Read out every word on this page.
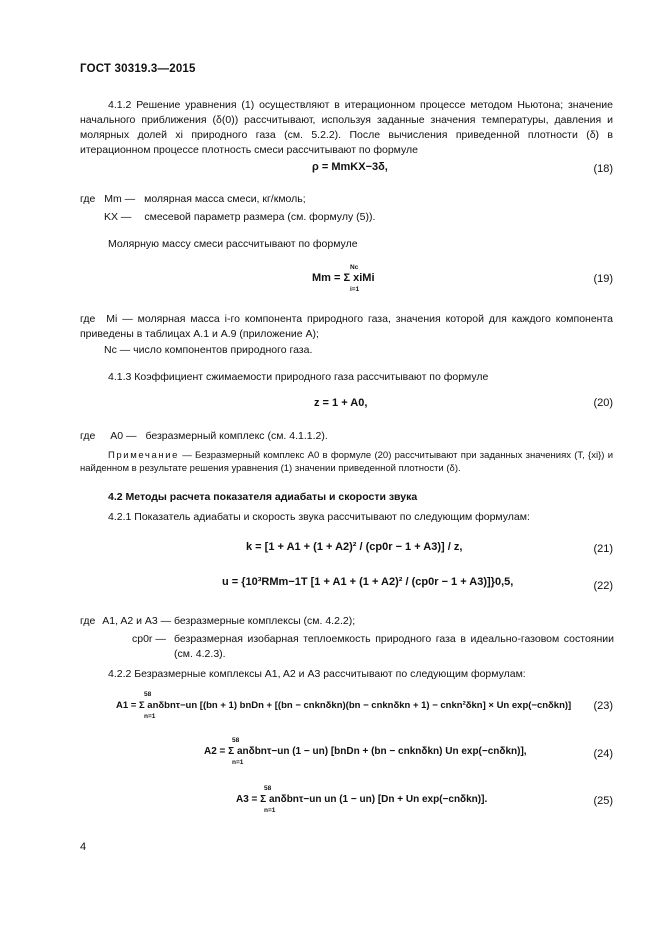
ГОСТ 30319.3—2015
4.1.2 Решение уравнения (1) осуществляют в итерационном процессе методом Ньютона; значение начального приближения (δ(0)) рассчитывают, используя заданные значения температуры, давления и молярных долей xi природного газа (см. 5.2.2). После вычисления приведенной плотности (δ) в итерационном процессе плотность смеси рассчитывают по формуле
ρ = MmKX−3δ,	(18)
где Mm — молярная масса смеси, кг/кмоль;
KX — смесевой параметр размера (см. формулу (5)).
Молярную массу смеси рассчитывают по формуле
Mm = Σ xiMi
Nc
i=1
(19)
где Mi — молярная масса i-го компонента природного газа, значения которой для каждого компонента приведены в таблицах А.1 и А.9 (приложение А);
Nc — число компонентов природного газа.
4.1.3 Коэффициент сжимаемости природного газа рассчитывают по формуле
z = 1 + A0,	(20)
где A0 — безразмерный комплекс (см. 4.1.1.2).
Примечание — Безразмерный комплекс A0 в формуле (20) рассчитывают при заданных значениях (T, {xi}) и найденном в результате решения уравнения (1) значении приведенной плотности (δ).
4.2 Методы расчета показателя адиабаты и скорости звука
4.2.1 Показатель адиабаты и скорость звука рассчитывают по следующим формулам:
k = [1 + A1 + (1 + A2)² / (cp0r − 1 + A3)] / z,	(21)
u = {10³RMm−1T [1 + A1 + (1 + A2)² / (cp0r − 1 + A3)]}0,5,	(22)
где A1, A2 и A3 — безразмерные комплексы (см. 4.2.2);
cp0r — безразмерная изобарная теплоемкость природного газа в идеально-газовом состоянии (см. 4.2.3).
4.2.2 Безразмерные комплексы A1, A2 и A3 рассчитывают по следующим формулам:
A1 = Σ anδbnτ−un [(bn + 1) bnDn + [(bn − cnknδkn)(bn − cnknδkn + 1) − cnkn²δkn] × Un exp(−cnδkn)]
58
n=1
(23)
A2 = Σ anδbnτ−un (1 − un) [bnDn + (bn − cnknδkn) Un exp(−cnδkn)],
58
n=1
(24)
A3 = Σ anδbnτ−un un (1 − un) [Dn + Un exp(−cnδkn)].
58
n=1
(25)
4
